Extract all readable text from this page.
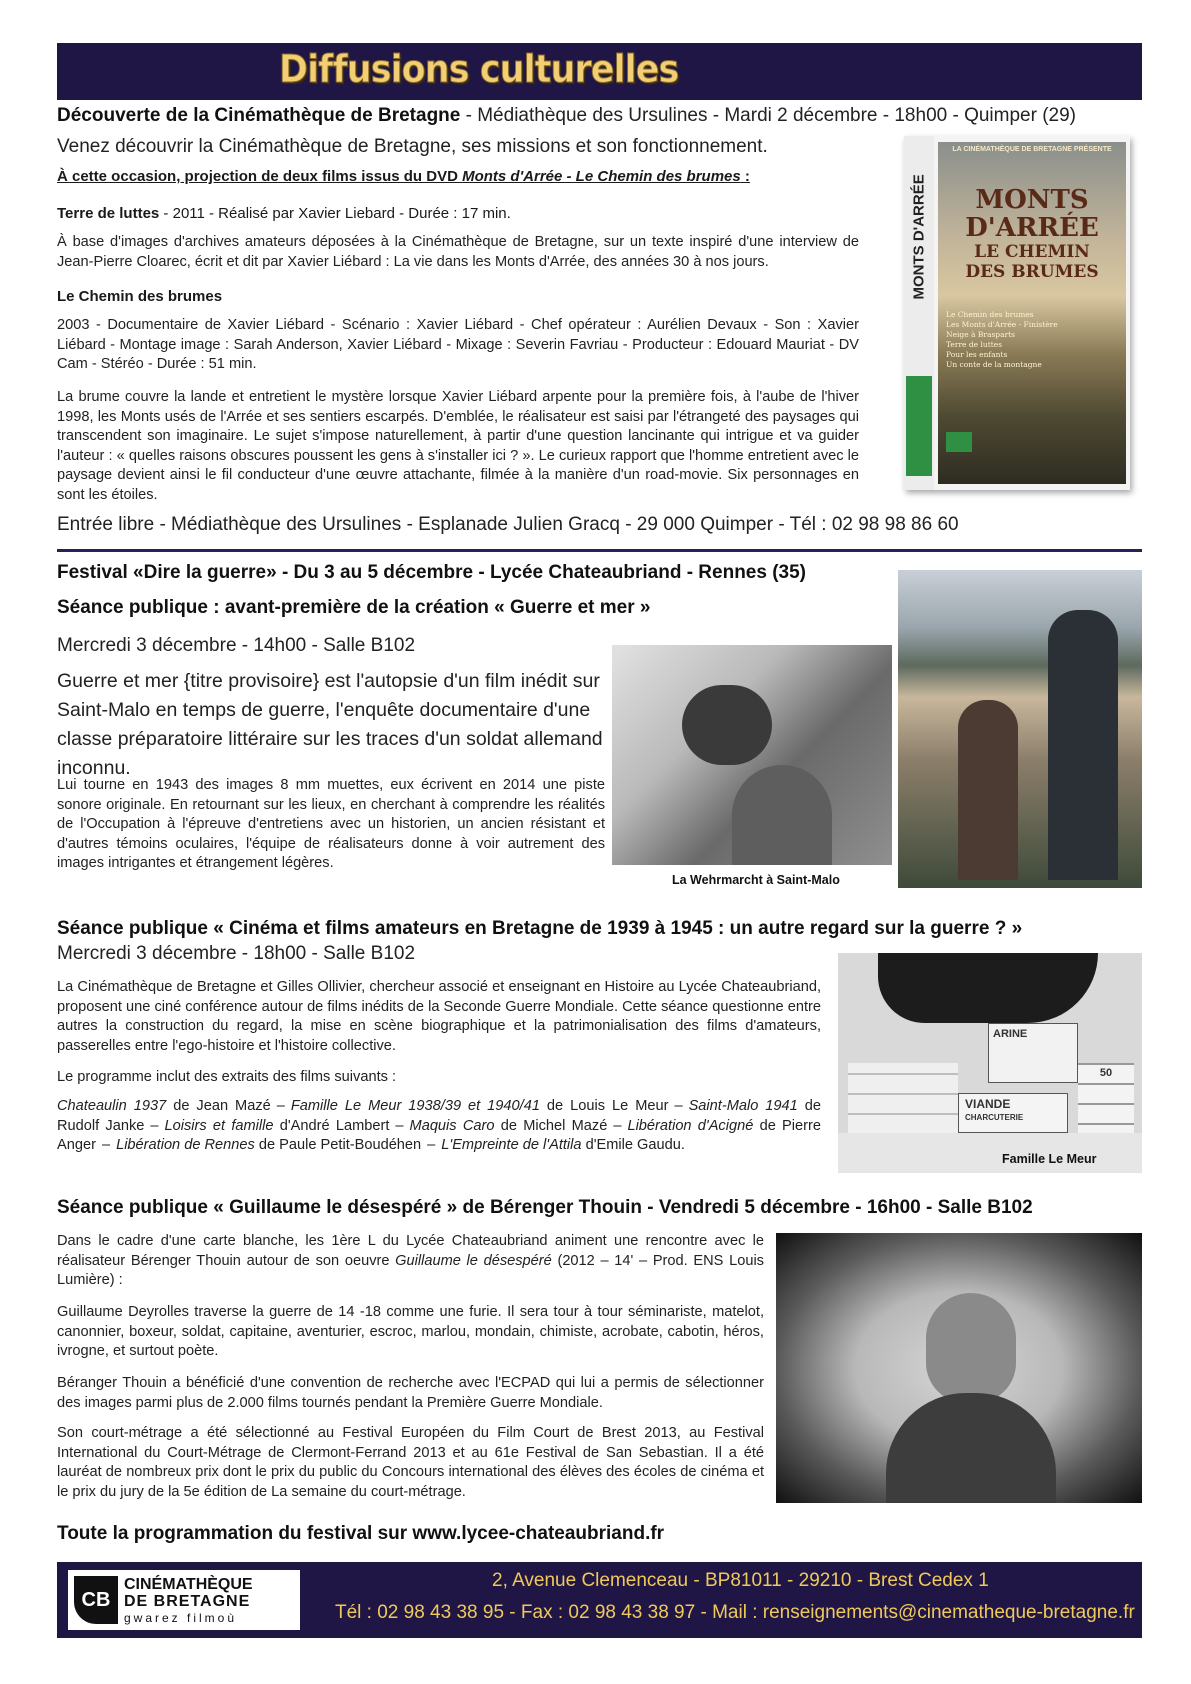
Diffusions culturelles
Découverte de la Cinémathèque de Bretagne - Médiathèque des Ursulines - Mardi 2 décembre - 18h00 - Quimper (29)
Venez découvrir la Cinémathèque de Bretagne, ses missions et son fonctionnement.
À cette occasion, projection de deux films issus du DVD Monts d'Arrée - Le Chemin des brumes :
Terre de luttes - 2011 - Réalisé par Xavier Liebard - Durée : 17 min.

À base d'images d'archives amateurs déposées à la Cinémathèque de Bretagne, sur un texte inspiré d'une interview de Jean-Pierre Cloarec, écrit et dit par Xavier Liébard : La vie dans les Monts d'Arrée, des années 30 à nos jours.

Le Chemin des brumes

2003 - Documentaire de Xavier Liébard - Scénario : Xavier Liébard - Chef opérateur : Aurélien Devaux - Son : Xavier Liébard - Montage image : Sarah Anderson, Xavier Liébard - Mixage : Severin Favriau - Producteur : Edouard Mauriat - DV Cam - Stéréo - Durée : 51 min.

La brume couvre la lande et entretient le mystère lorsque Xavier Liébard arpente pour la première fois, à l'aube de l'hiver 1998, les Monts usés de l'Arrée et ses sentiers escarpés. D'emblée, le réalisateur est saisi par l'étrangeté des paysages qui transcendent son imaginaire. Le sujet s'impose naturellement, à partir d'une question lancinante qui intrigue et va guider l'auteur : « quelles raisons obscures poussent les gens à s'installer ici ? ». Le curieux rapport que l'homme entretient avec le paysage devient ainsi le fil conducteur d'une œuvre attachante, filmée à la manière d'un road-movie. Six personnages en sont les étoiles.

Entrée libre - Médiathèque des Ursulines - Esplanade Julien Gracq - 29 000 Quimper - Tél : 02 98 98 86 60
MONTS D'ARRÉE
LA CINÉMATHÈQUE DE BRETAGNE PRÉSENTE
MONTS
D'ARRÉE
LE CHEMIN
DES BRUMES
Le Chemin des brumes
Les Monts d'Arrée - Finistère
Neige à Brasparts
Terre de luttes
Pour les enfants
Un conte de la montagne
Festival «Dire la guerre» - Du 3 au 5 décembre - Lycée Chateaubriand - Rennes (35)
Séance publique : avant-première de la création « Guerre et mer »
Mercredi 3 décembre - 14h00 - Salle B102

Guerre et mer {titre provisoire} est l'autopsie d'un film inédit sur Saint-Malo en temps de guerre, l'enquête documentaire d'une classe préparatoire littéraire sur les traces d'un soldat allemand inconnu.

Lui tourne en 1943 des images 8 mm muettes, eux écrivent en 2014 une piste sonore originale. En retournant sur les lieux, en cherchant à comprendre les réalités de l'Occupation à l'épreuve d'entretiens avec un historien, un ancien résistant et d'autres témoins oculaires, l'équipe de réalisateurs donne à voir autrement des images intrigantes et étrangement légères.

La Wehrmarcht à Saint-Malo
Séance publique « Cinéma et films amateurs en Bretagne de 1939 à 1945 : un autre regard sur la guerre ? »
Mercredi 3 décembre - 18h00 - Salle B102

La Cinémathèque de Bretagne et Gilles Ollivier, chercheur associé et enseignant en Histoire au Lycée Chateaubriand, proposent une ciné conférence autour de films inédits de la Seconde Guerre Mondiale. Cette séance questionne entre autres la construction du regard, la mise en scène biographique et la patrimonialisation des films d'amateurs, passerelles entre l'ego-histoire et l'histoire collective.

Le programme inclut des extraits des films suivants :

Chateaulin 1937 de Jean Mazé – Famille Le Meur 1938/39 et 1940/41 de Louis Le Meur – Saint-Malo 1941 de Rudolf Janke – Loisirs et famille d'André Lambert – Maquis Caro de Michel Mazé – Libération d'Acigné de Pierre Anger – Libération de Rennes de Paule Petit-Boudéhen – L'Empreinte de l'Attila d'Emile Gaudu.

ARINE
VIANDE
CHARCUTERIE
50
Famille Le Meur
Séance publique « Guillaume le désespéré » de Bérenger Thouin - Vendredi 5 décembre - 16h00 - Salle B102

Dans le cadre d'une carte blanche, les 1ère L du Lycée Chateaubriand animent une rencontre avec le réalisateur Bérenger Thouin autour de son oeuvre Guillaume le désespéré (2012 – 14' – Prod. ENS Louis Lumière) :

Guillaume Deyrolles traverse la guerre de 14 -18 comme une furie. Il sera tour à tour séminariste, matelot, canonnier, boxeur, soldat, capitaine, aventurier, escroc, marlou, mondain, chimiste, acrobate, cabotin, héros, ivrogne, et surtout poète.

Béranger Thouin a bénéficié d'une convention de recherche avec l'ECPAD qui lui a permis de sélectionner des images parmi plus de 2.000 films tournés pendant la Première Guerre Mondiale.

Son court-métrage a été sélectionné au Festival Européen du Film Court de Brest 2013, au Festival International du Court-Métrage de Clermont-Ferrand 2013 et au 61e Festival de San Sebastian. Il a été lauréat de nombreux prix dont le prix du public du Concours international des élèves des écoles de cinéma et le prix du jury de la 5e édition de La semaine du court-métrage.

Toute la programmation du festival sur www.lycee-chateaubriand.fr
CB
CINÉMATHÈQUE
DE BRETAGNE
gwarez filmoù
2, Avenue Clemenceau - BP81011 - 29210 - Brest Cedex 1
Tél : 02 98 43 38 95 - Fax : 02 98 43 38 97 - Mail : renseignements@cinematheque-bretagne.fr
